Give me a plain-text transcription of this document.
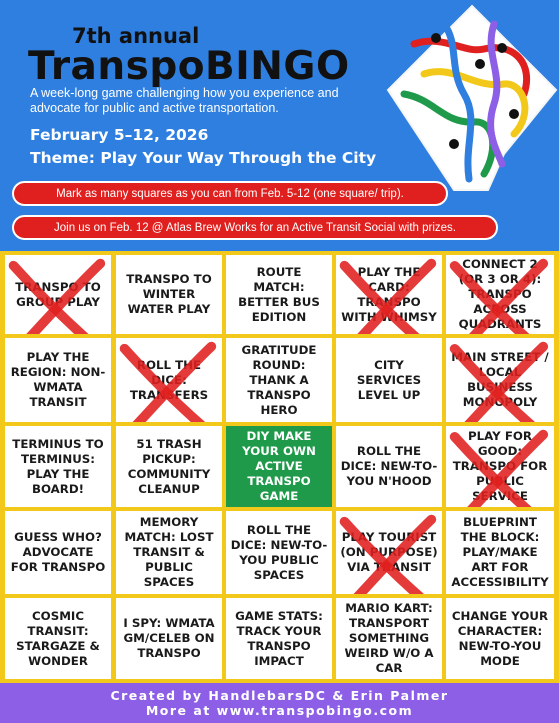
7th annual
TranspoBINGO
A week-long game challenging how you experience and advocate for public and active transportation.
February 5–12, 2026
Theme: Play Your Way Through the City
Mark as many squares as you can from Feb. 5-12 (one square/ trip).
Join us on Feb. 12 @ Atlas Brew Works for an Active Transit Social with prizes.
TRANSPO TO GROUP PLAY
TRANSPO TO WINTER WATER PLAY
ROUTE MATCH: BETTER BUS EDITION
PLAY THE CARD: TRANSPO WITH WHIMSY
CONNECT 2 (OR 3 OR 4): TRANSPO ACROSS QUADRANTS
PLAY THE REGION: NON-WMATA TRANSIT
ROLL THE DICE: TRANSFERS
GRATITUDE ROUND: THANK A TRANSPO HERO
CITY SERVICES LEVEL UP
MAIN STREET / LOCAL BUSINESS MONOPOLY
TERMINUS TO TERMINUS: PLAY THE BOARD!
51 TRASH PICKUP: COMMUNITY CLEANUP
DIY MAKE YOUR OWN ACTIVE TRANSPO GAME
ROLL THE DICE: NEW-TO-YOU N'HOOD
PLAY FOR GOOD: TRANSPO FOR PUBLIC SERVICE
GUESS WHO? ADVOCATE FOR TRANSPO
MEMORY MATCH: LOST TRANSIT & PUBLIC SPACES
ROLL THE DICE: NEW-TO-YOU PUBLIC SPACES
PLAY TOURIST (ON PURPOSE) VIA TRANSIT
BLUEPRINT THE BLOCK: PLAY/MAKE ART FOR ACCESSIBILITY
COSMIC TRANSIT: STARGAZE & WONDER
I SPY: WMATA GM/CELEB ON TRANSPO
GAME STATS: TRACK YOUR TRANSPO IMPACT
MARIO KART: TRANSPORT SOMETHING WEIRD W/O A CAR
CHANGE YOUR CHARACTER: NEW-TO-YOU MODE
Created by HandlebarsDC & Erin Palmer
More at www.transpobingo.com
